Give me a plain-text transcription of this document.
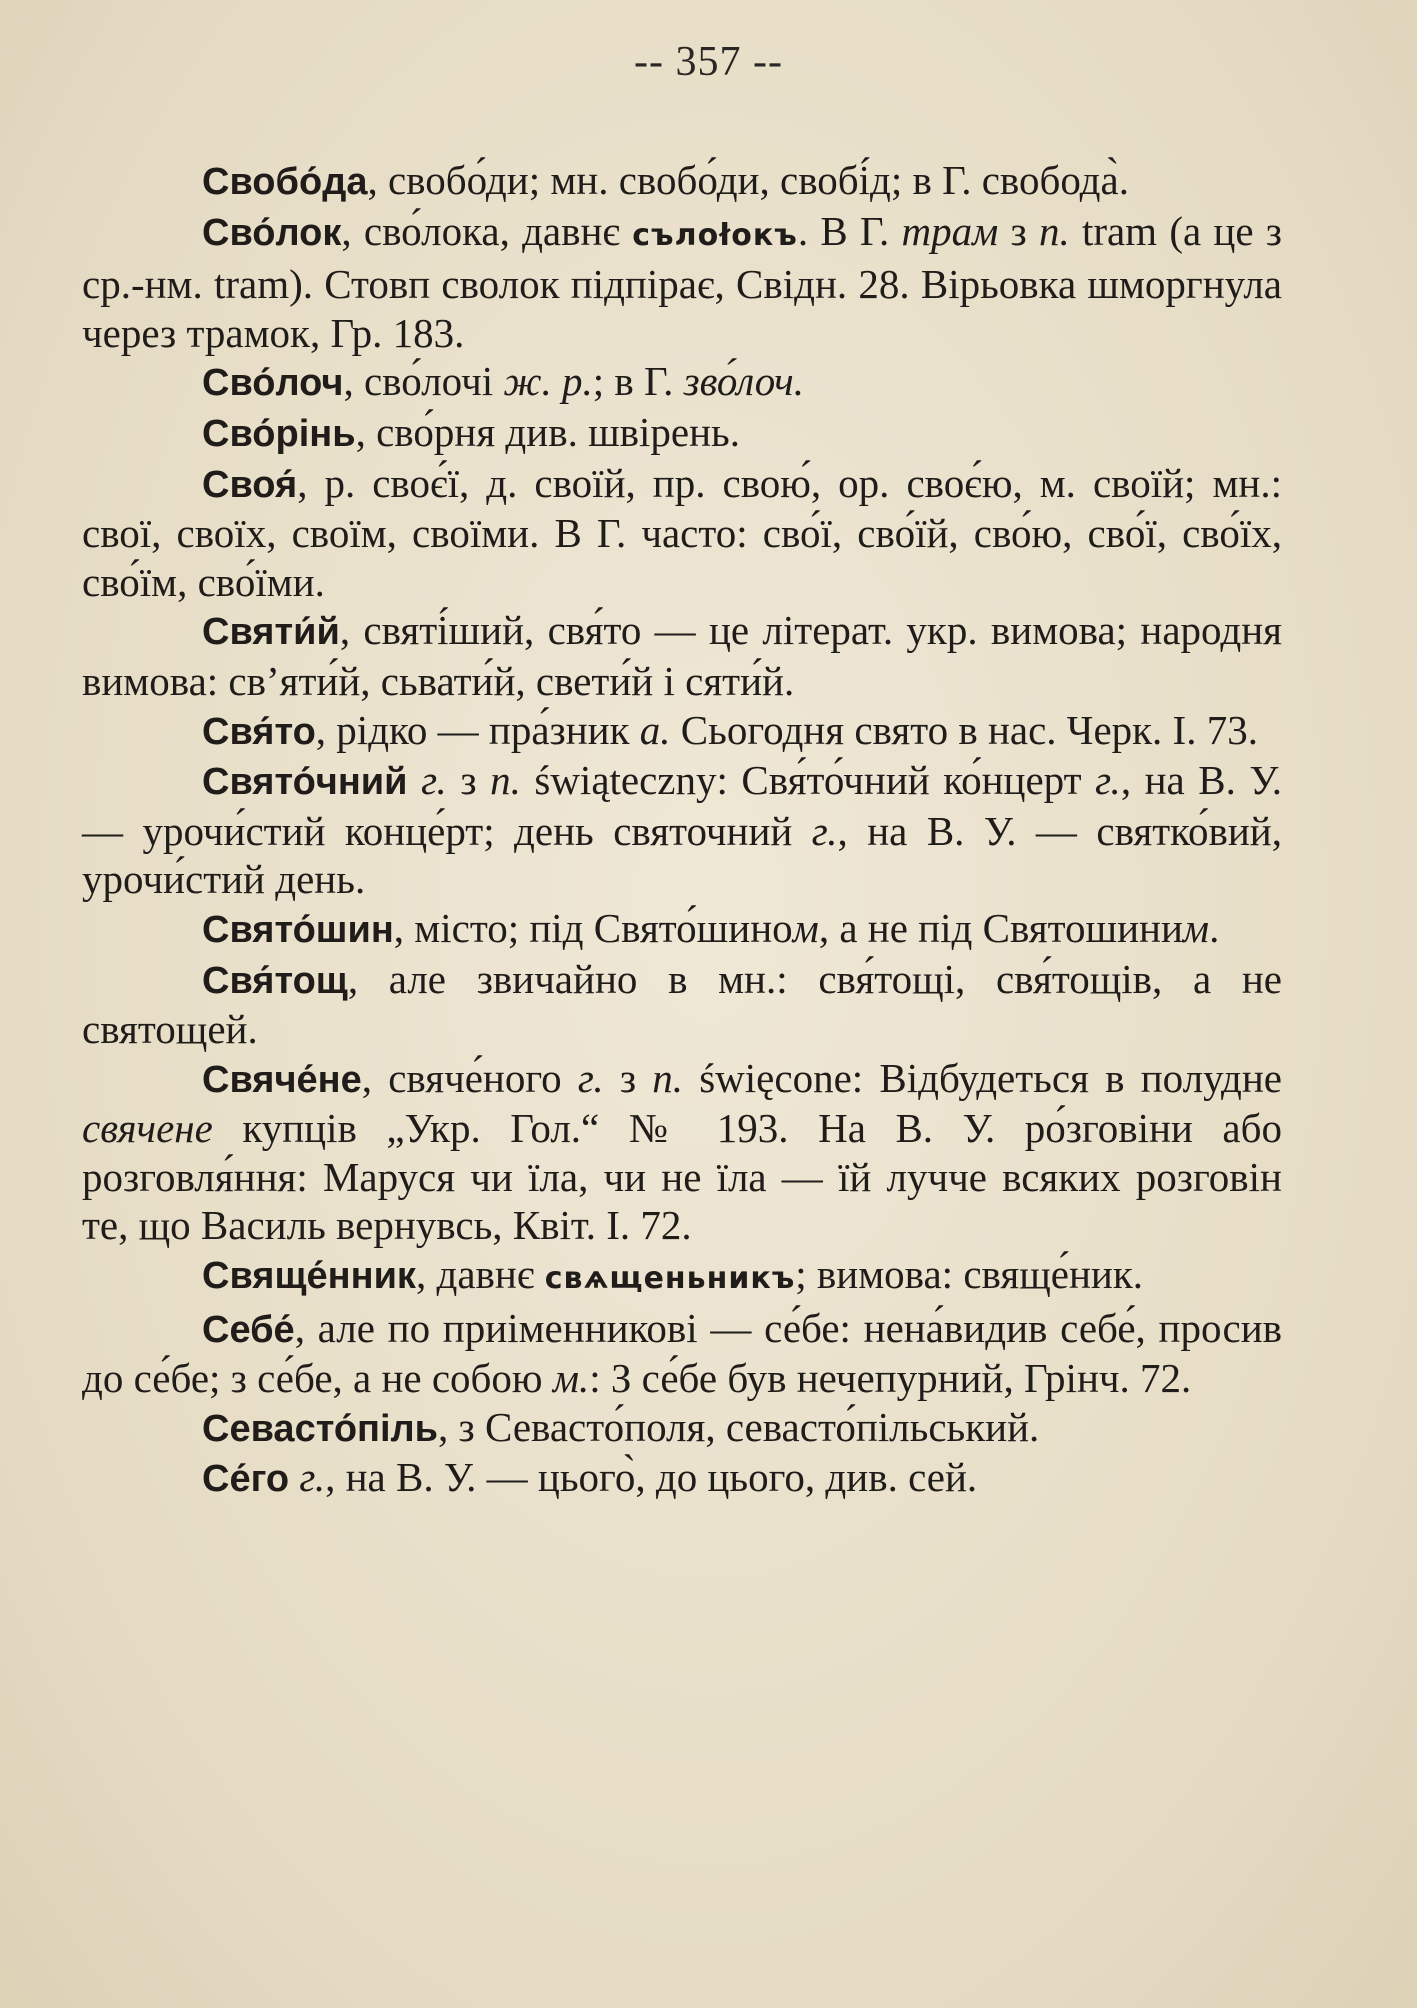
-- 357 --

Свобо́да, свобо́ди; мн. свобо́ди, свобі́д; в Г. свобода̀.

Сво́лок, сво́лока, давнє сълоłокъ. В Г. трам з п. tram (а це з ср.-нм. tram). Стовп сволок підпірає, Свідн. 28. Вірьовка шморгнула через трамок, Гр. 183.

Сво́лоч, сво́лочі ж. р.; в Г. зво́лоч.

Сво́рінь, сво́рня див. швірень.

Своя́, р. своє́ї, д. своїй, пр. свою́, ор. своє́ю, м. своїй; мн.: свої, своїх, своїм, своїми. В Г. часто: сво́ї, сво́їй, сво́ю, сво́ї, сво́їх, сво́їм, сво́їми.

Святи́й, святі́ший, свя́то — це літерат. укр. вимова; народня вимова: св’яти́й, сьвати́й, свети́й і сяти́й.

Свя́то, рідко — пра́зник а. Сьогодня свято в нас. Черк. І. 73.

Свято́чний г. з п. świąteczny: Свя́то́чний ко́нцерт г., на В. У. — урочи́стий конце́рт; день святочний г., на В. У. — святко́вий, урочи́стий день.

Свято́шин, місто; під Свято́шином, а не під Святошиним.

Свя́тощ, але звичайно в мн.: свя́тощі, свя́тощів, а не святощей.

Свяче́не, свяче́ного г. з п. święcone: Відбудеться в полудне свячене купців „Укр. Гол.“ № 193. На В. У. ро́зговіни або розговля́ння: Маруся чи їла, чи не їла — їй лучче всяких розговін те, що Василь вернувсь, Квіт. І. 72.

Свяще́нник, давнє свѧщеньникъ; вимова: свяще́ник.

Себе́, але по приіменникові — се́бе: нена́видив себе́, просив до се́бе; з се́бе, а не собою м.: З се́бе був нечепурний, Грінч. 72.

Севасто́піль, з Севасто́поля, севасто́пільський.

Се́го г., на В. У. — цього̀, до цього, див. сей.
